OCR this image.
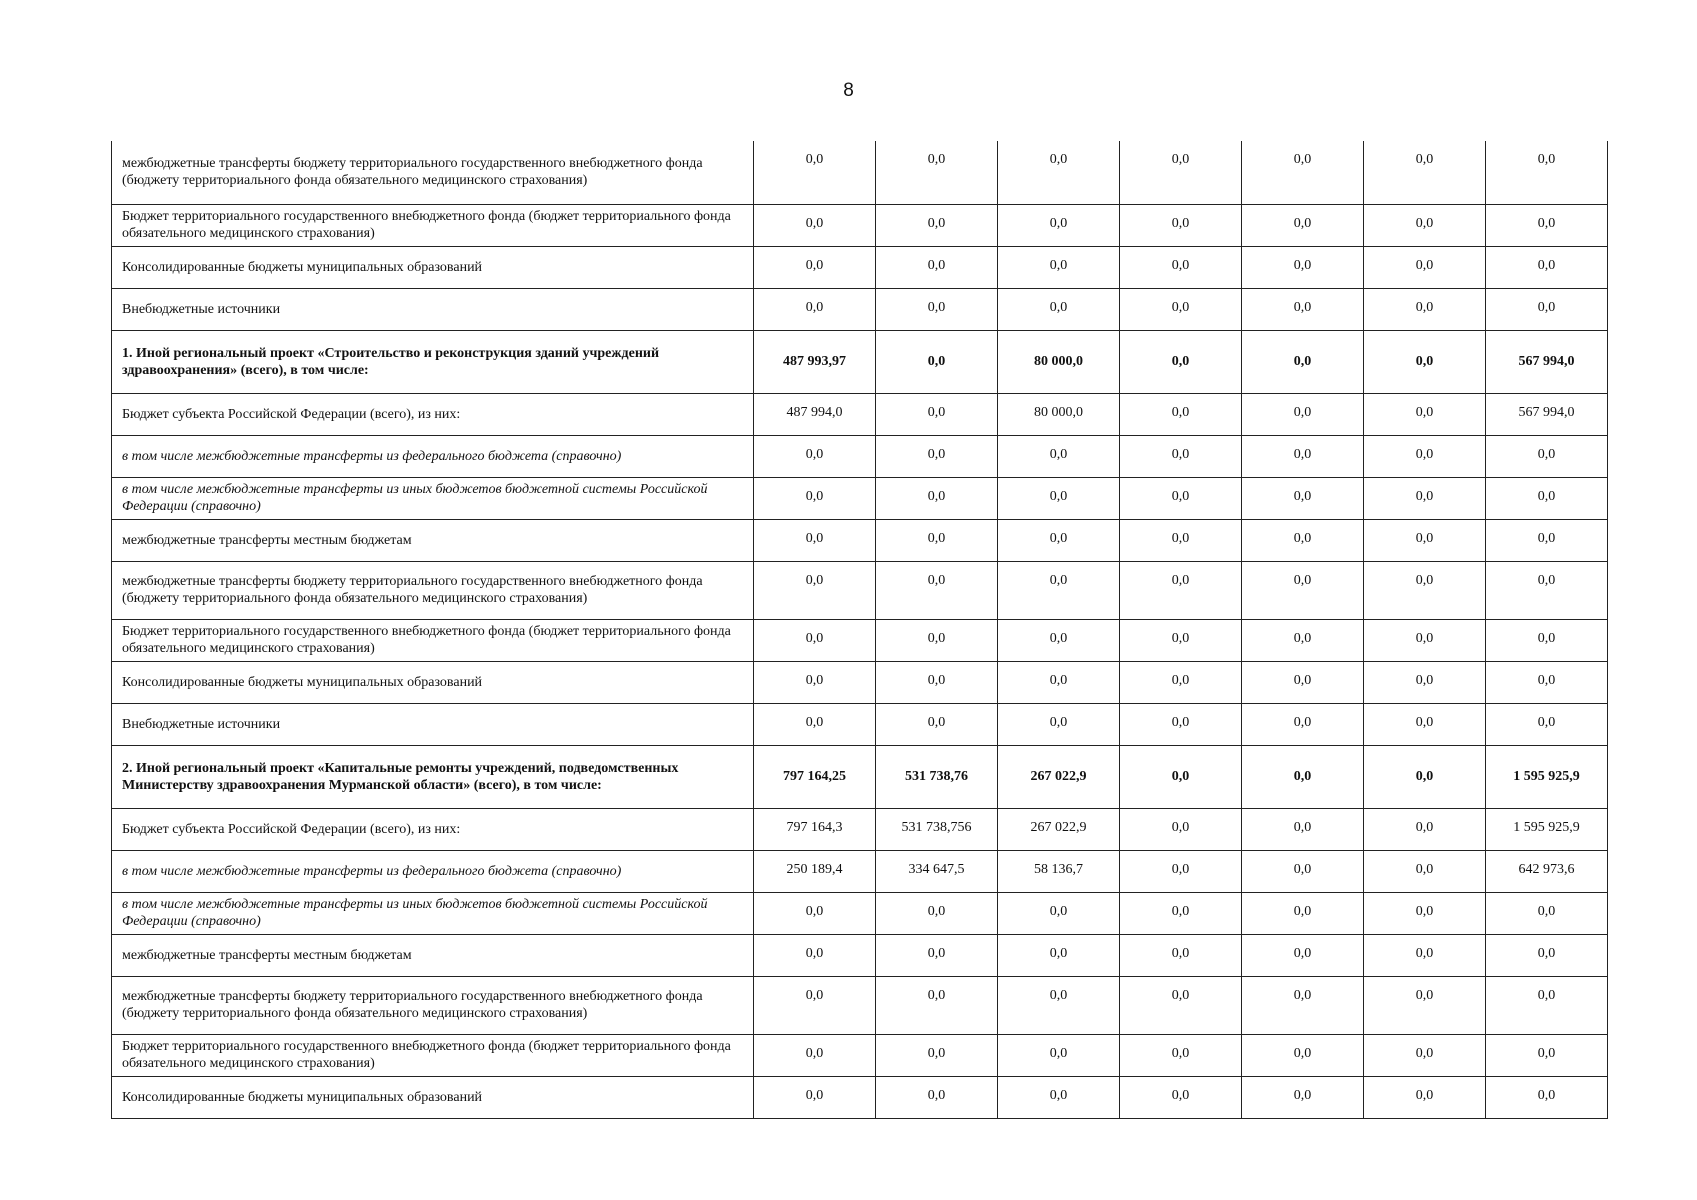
8
межбюджетные трансферты бюджету территориального государственного внебюджетного фонда (бюджету территориального фонда обязательного медицинского страхования)	0,0	0,0	0,0	0,0	0,0	0,0	0,0
Бюджет территориального государственного внебюджетного фонда (бюджет территориального фонда обязательного медицинского страхования)	0,0	0,0	0,0	0,0	0,0	0,0	0,0
Консолидированные бюджеты муниципальных образований	0,0	0,0	0,0	0,0	0,0	0,0	0,0
Внебюджетные источники	0,0	0,0	0,0	0,0	0,0	0,0	0,0
1. Иной региональный проект «Строительство и реконструкция зданий учреждений здравоохранения» (всего), в том числе:	487 993,97	0,0	80 000,0	0,0	0,0	0,0	567 994,0
Бюджет субъекта Российской Федерации (всего), из них:	487 994,0	0,0	80 000,0	0,0	0,0	0,0	567 994,0
в том числе межбюджетные трансферты из федерального бюджета (справочно)	0,0	0,0	0,0	0,0	0,0	0,0	0,0
в том числе межбюджетные трансферты из иных бюджетов бюджетной системы Российской Федерации (справочно)	0,0	0,0	0,0	0,0	0,0	0,0	0,0
межбюджетные трансферты местным бюджетам	0,0	0,0	0,0	0,0	0,0	0,0	0,0
межбюджетные трансферты бюджету территориального государственного внебюджетного фонда (бюджету территориального фонда обязательного медицинского страхования)	0,0	0,0	0,0	0,0	0,0	0,0	0,0
Бюджет территориального государственного внебюджетного фонда (бюджет территориального фонда обязательного медицинского страхования)	0,0	0,0	0,0	0,0	0,0	0,0	0,0
Консолидированные бюджеты муниципальных образований	0,0	0,0	0,0	0,0	0,0	0,0	0,0
Внебюджетные источники	0,0	0,0	0,0	0,0	0,0	0,0	0,0
2. Иной региональный проект «Капитальные ремонты учреждений, подведомственных Министерству здравоохранения Мурманской области» (всего), в том числе:	797 164,25	531 738,76	267 022,9	0,0	0,0	0,0	1 595 925,9
Бюджет субъекта Российской Федерации (всего), из них:	797 164,3	531 738,756	267 022,9	0,0	0,0	0,0	1 595 925,9
в том числе межбюджетные трансферты из федерального бюджета (справочно)	250 189,4	334 647,5	58 136,7	0,0	0,0	0,0	642 973,6
в том числе межбюджетные трансферты из иных бюджетов бюджетной системы Российской Федерации (справочно)	0,0	0,0	0,0	0,0	0,0	0,0	0,0
межбюджетные трансферты местным бюджетам	0,0	0,0	0,0	0,0	0,0	0,0	0,0
межбюджетные трансферты бюджету территориального государственного внебюджетного фонда (бюджету территориального фонда обязательного медицинского страхования)	0,0	0,0	0,0	0,0	0,0	0,0	0,0
Бюджет территориального государственного внебюджетного фонда (бюджет территориального фонда обязательного медицинского страхования)	0,0	0,0	0,0	0,0	0,0	0,0	0,0
Консолидированные бюджеты муниципальных образований	0,0	0,0	0,0	0,0	0,0	0,0	0,0
